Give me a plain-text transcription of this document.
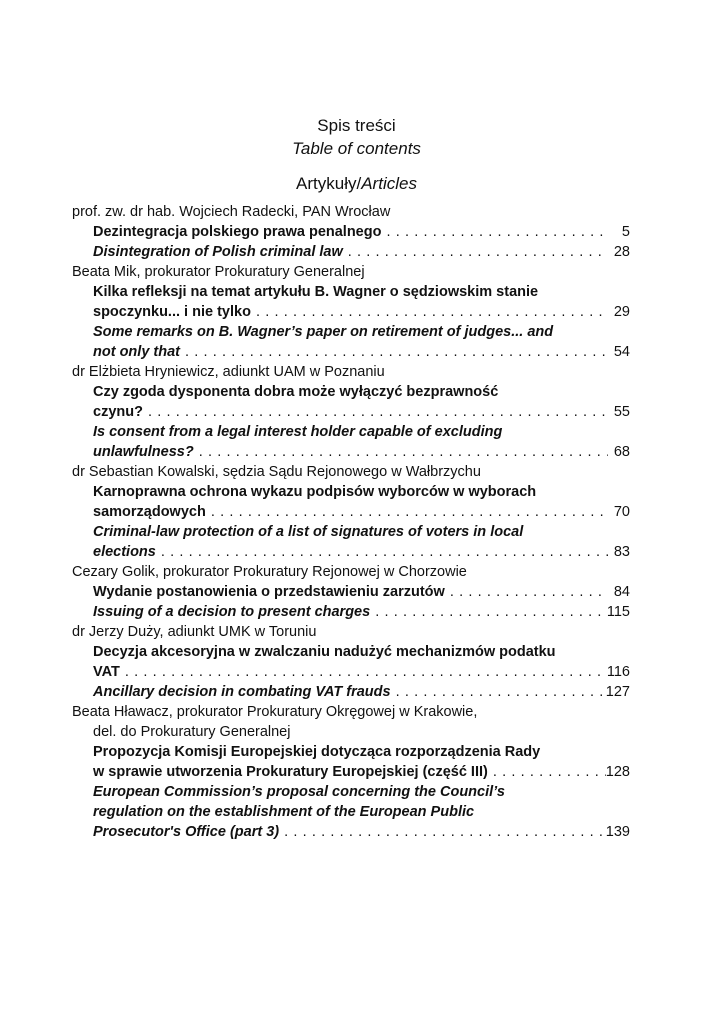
Spis treści
Table of contents
Artykuły/Articles
prof. zw. dr hab. Wojciech Radecki, PAN Wrocław
Dezintegracja polskiego prawa penalnego . . .	5
Disintegration of Polish criminal law . . .	28
Beata Mik, prokurator Prokuratury Generalnej
Kilka refleksji na temat artykułu B. Wagner o sędziowskim stanie
spoczynku... i nie tylko . . .	29
Some remarks on B. Wagner’s paper on retirement of judges... and
not only that . . .	54
dr Elżbieta Hryniewicz, adiunkt UAM w Poznaniu
Czy zgoda dysponenta dobra może wyłączyć bezprawność
czynu? . . .	55
Is consent from a legal interest holder capable of excluding
unlawfulness? . . .	68
dr Sebastian Kowalski, sędzia Sądu Rejonowego w Wałbrzychu
Karnoprawna ochrona wykazu podpisów wyborców w wyborach
samorządowych . . .	70
Criminal-law protection of a list of signatures of voters in local
elections . . .	83
Cezary Golik, prokurator Prokuratury Rejonowej w Chorzowie
Wydanie postanowienia o przedstawieniu zarzutów . . .	84
Issuing of a decision to present charges . . .	115
dr Jerzy Duży, adiunkt UMK w Toruniu
Decyzja akcesoryjna w zwalczaniu nadużyć mechanizmów podatku
VAT . . .	116
Ancillary decision in combating VAT frauds . . .	127
Beata Hławacz, prokurator Prokuratury Okręgowej w Krakowie,
del. do Prokuratury Generalnej
Propozycja Komisji Europejskiej dotycząca rozporządzenia Rady
w sprawie utworzenia Prokuratury Europejskiej (część III) . . .	128
European Commission’s proposal concerning the Council’s
regulation on the establishment of the European Public
Prosecutor's Office (part 3) . . .	139
